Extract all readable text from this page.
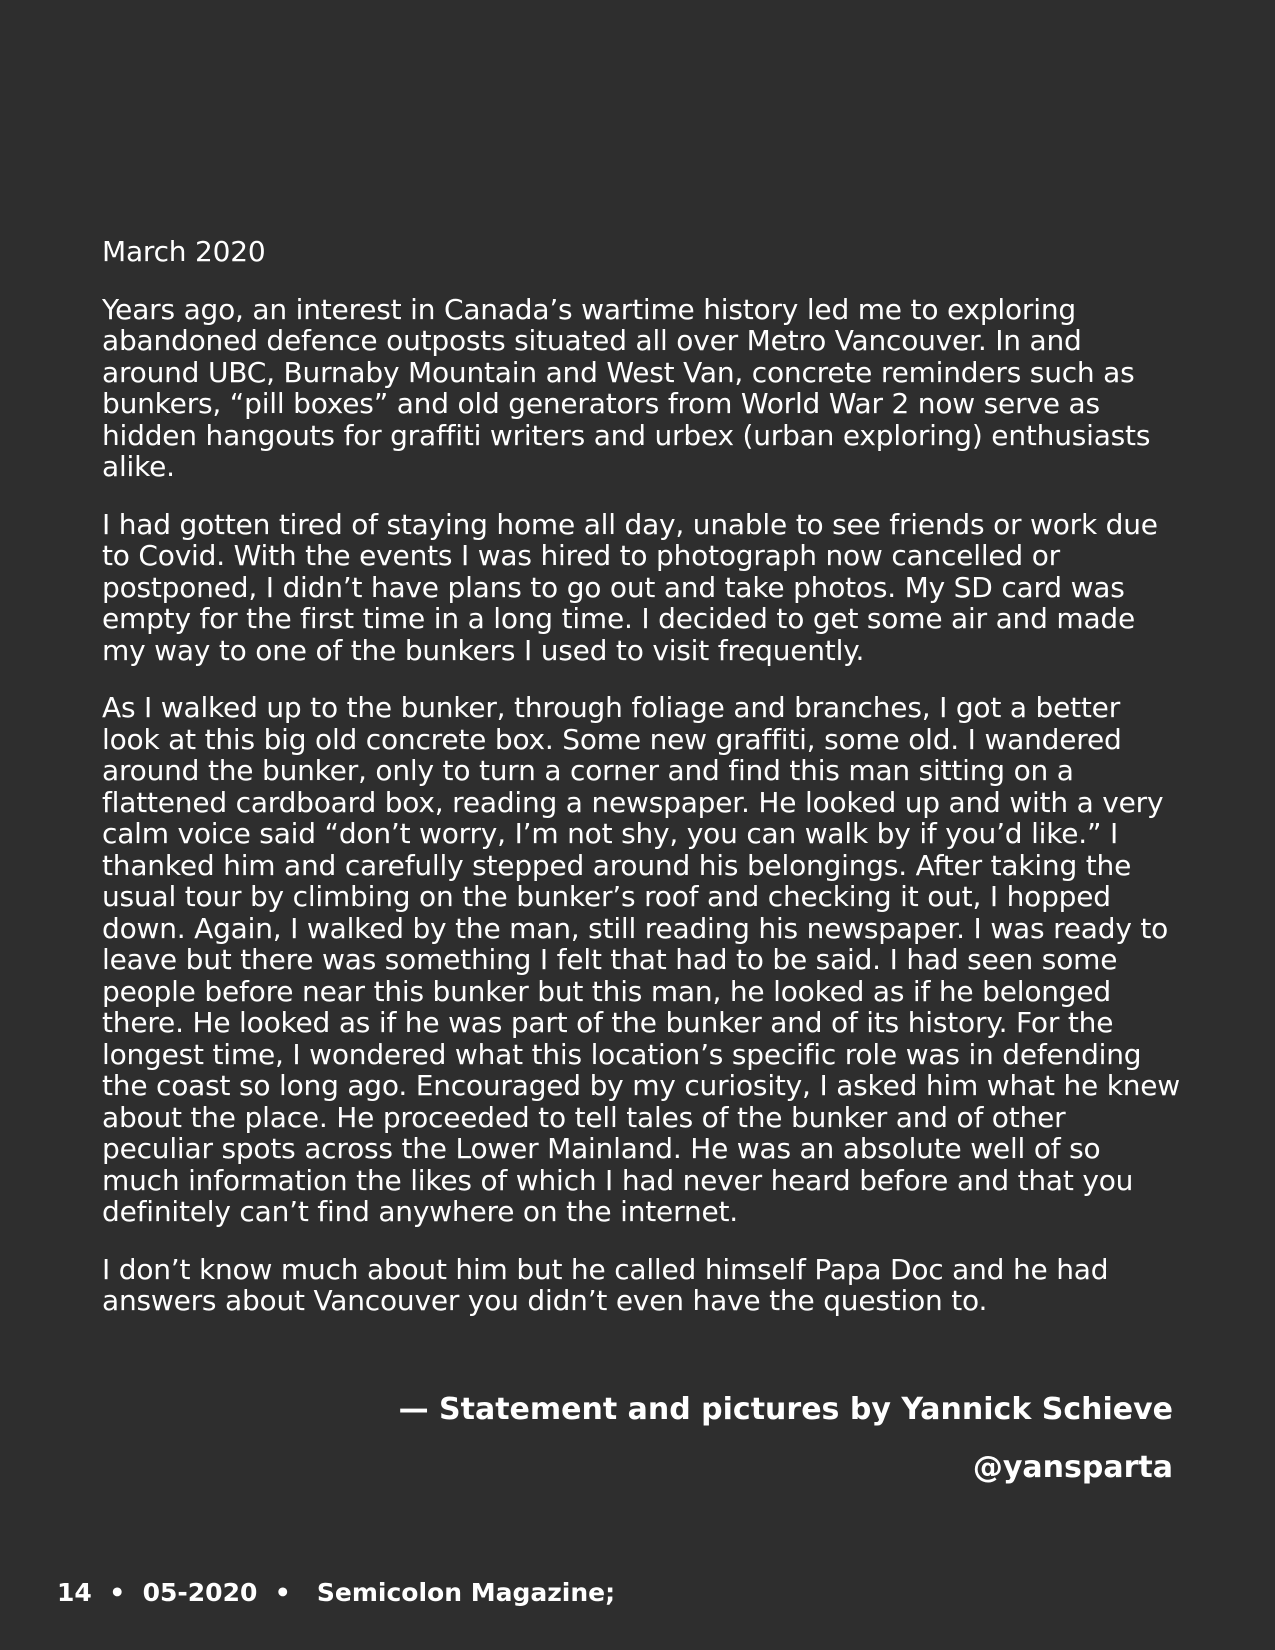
March 2020

Years ago, an interest in Canada’s wartime history led me to exploring abandoned defence outposts situated all over Metro Vancouver. In and around UBC, Burnaby Mountain and West Van, concrete reminders such as bunkers, “pill boxes” and old generators from World War 2 now serve as hidden hangouts for graffiti writers and urbex (urban exploring) enthusiasts alike.

I had gotten tired of staying home all day, unable to see friends or work due to Covid. With the events I was hired to photograph now cancelled or postponed, I didn’t have plans to go out and take photos. My SD card was empty for the first time in a long time. I decided to get some air and made my way to one of the bunkers I used to visit frequently.

As I walked up to the bunker, through foliage and branches, I got a better look at this big old concrete box. Some new graffiti, some old. I wandered around the bunker, only to turn a corner and find this man sitting on a flattened cardboard box, reading a newspaper. He looked up and with a very calm voice said “don’t worry, I’m not shy, you can walk by if you’d like.” I thanked him and carefully stepped around his belongings. After taking the usual tour by climbing on the bunker’s roof and checking it out, I hopped down. Again, I walked by the man, still reading his newspaper. I was ready to leave but there was something I felt that had to be said. I had seen some people before near this bunker but this man, he looked as if he belonged there. He looked as if he was part of the bunker and of its history. For the longest time, I wondered what this location’s specific role was in defending the coast so long ago. Encouraged by my curiosity, I asked him what he knew about the place. He proceeded to tell tales of the bunker and of other peculiar spots across the Lower Mainland. He was an absolute well of so much information the likes of which I had never heard before and that you definitely can’t find anywhere on the internet.

I don’t know much about him but he called himself Papa Doc and he had answers about Vancouver you didn’t even have the question to.

— Statement and pictures by Yannick Schieve
@yansparta
14 • 05-2020 • Semicolon Magazine;
